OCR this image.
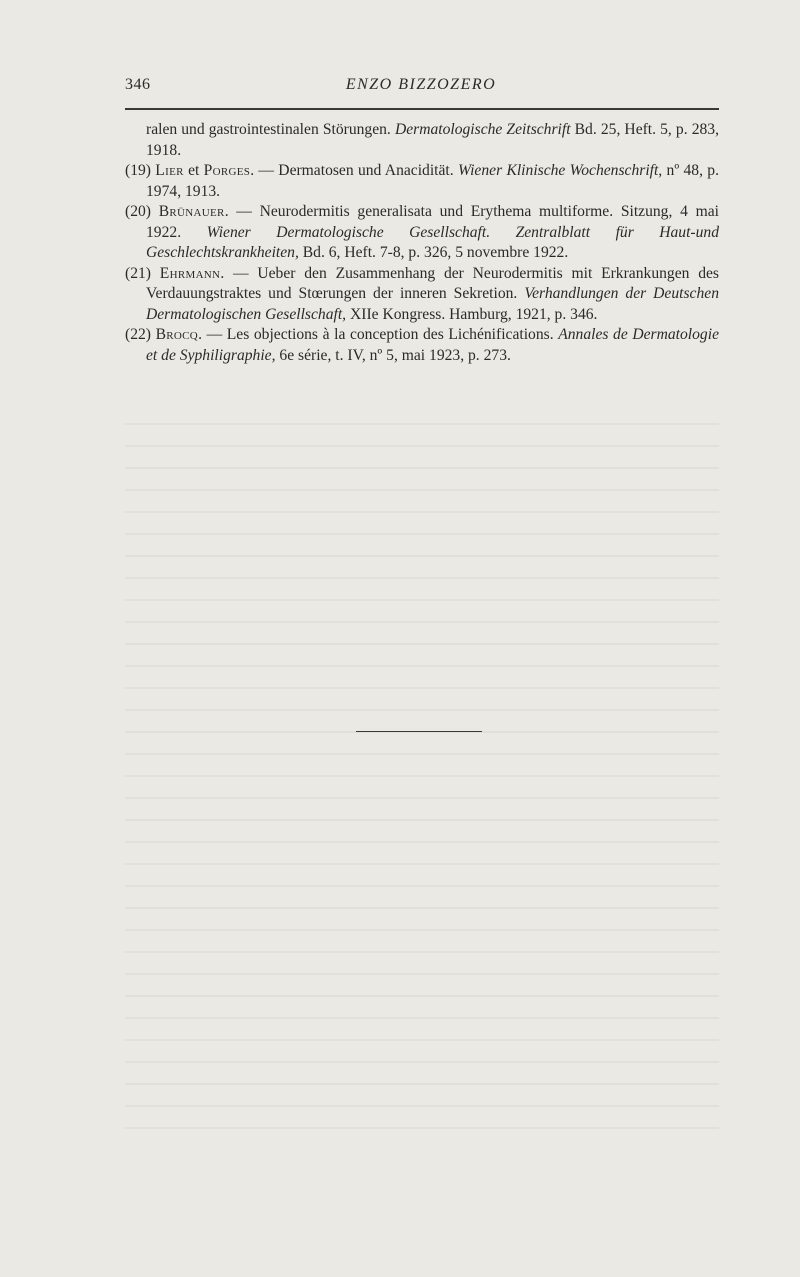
346	ENZO BIZZOZERO

ralen und gastrointestinalen Störungen. Dermatologische Zeitschrift Bd. 25, Heft. 5, p. 283, 1918.

(19) Lier et Porges. — Dermatosen und Anacidität. Wiener Klinische Wochenschrift, nº 48, p. 1974, 1913.

(20) Brünauer. — Neurodermitis generalisata und Erythema multiforme. Sitzung, 4 mai 1922. Wiener Dermatologische Gesellschaft. Zentralblatt für Haut-und Geschlechtskrankheiten, Bd. 6, Heft. 7-8, p. 326, 5 novembre 1922.

(21) Ehrmann. — Ueber den Zusammenhang der Neurodermitis mit Erkrankungen des Verdauungstraktes und Stœrungen der inneren Sekretion. Verhandlungen der Deutschen Dermatologischen Gesellschaft, XIIe Kongress. Hamburg, 1921, p. 346.

(22) Brocq. — Les objections à la conception des Lichénifications. Annales de Dermatologie et de Syphiligraphie, 6e série, t. IV, nº 5, mai 1923, p. 273.
